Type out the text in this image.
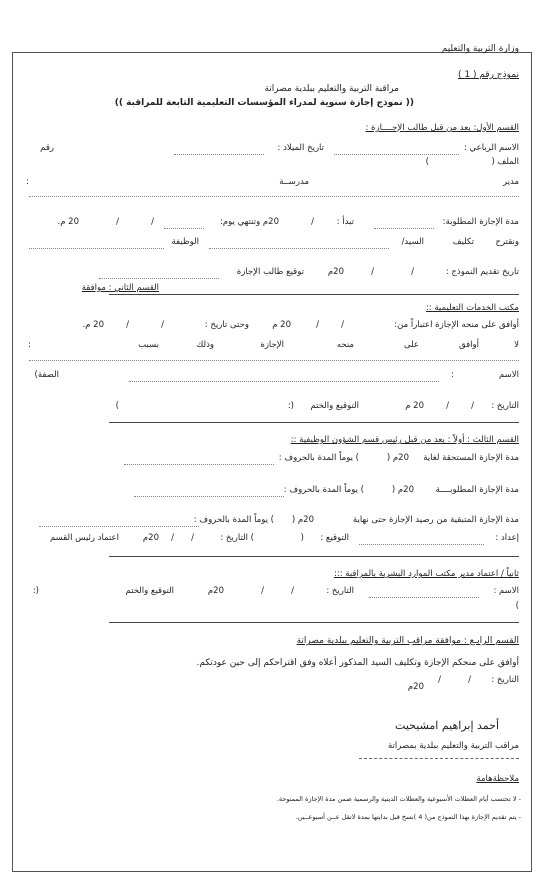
وزارة التربية والتعليم
نموذج رقم ( 1 )
مراقبة التربية والتعليم ببلدية مصراتة
(( نموذج إجازة سنوية لمدراء المؤسسات التعليمية التابعة للمراقبة ))
القسم الأول: يعد من قبل طالب الإجــــازة :
الاسم الرباعي :
تاريخ الميلاد :
رقم
الملف (
)
مدير
مدرســة
:
مدة الإجازة المطلوبة:
تبدأ :
/
20م وتنتهي يوم:
/
/
20 م.
ونقترح
تكليف
السيد/
الوظيفة
تاريخ تقديم النموذج :
/
/
20م
توقيع طالب الإجازة
القسم الثاني : موافقة
مكتب الخدمات التعليمية ::
أوافق على منحه الإجازة اعتباراً من:
/
/
20 م
وحتى تاريخ :
/
/
20 م.
لا
أوافق
على
منحه
الإجازة
وذلك
بسبب
:
الاسم
:
الصفة)
التاريخ :
/
/
20 م
التوقيع والختم
(:
)
القسم الثالث : أولاً : يعد من قبل رئيس قسم الشؤون الوظيفية ::
مدة الإجازة المستحقة لغاية
20م (
) يوماً المدة بالحروف :
مدة الإجازة المطلوبــــة
20م (
) يوماً المدة بالحروف :
مدة الإجازة المتبقية من رصيد الإجازة حتى نهاية
20م (
) يوماً المدة بالحروف :
إعداد :
التوقيع :
(
) التاريخ :
/
/
20م
اعتماد رئيس القسم
ثانياً / اعتماد مدير مكتب الموارد البشرية بالمراقبة :::
الاسم :
التاريخ :
/
/
20م
التوقيع والختم
(:
)
القسم الرابـع : موافقة مراقب التربية والتعليم ببلدية مصراتة
أوافق على منحكم الإجازة وتكليف السيد المذكور أعلاه وفق اقتراحكم إلى حين عودتكم.
التاريخ :
/
/
20م
أحمد إبراهيم امشيحيت
مراقب التربية والتعليم ببلدية بمصراتة
ملاحظةهامة
- لا تحتسب أيام العطلات الأسبوعية والعطلات الدينية والرسمية ضمن مدة الإجازة الممنوحة.
- يتم تقديم الإجازة بهذا النموذج من( 4 )نسخ قبل بدايتها بمدة لاتقل عــن أسبوعــين.
